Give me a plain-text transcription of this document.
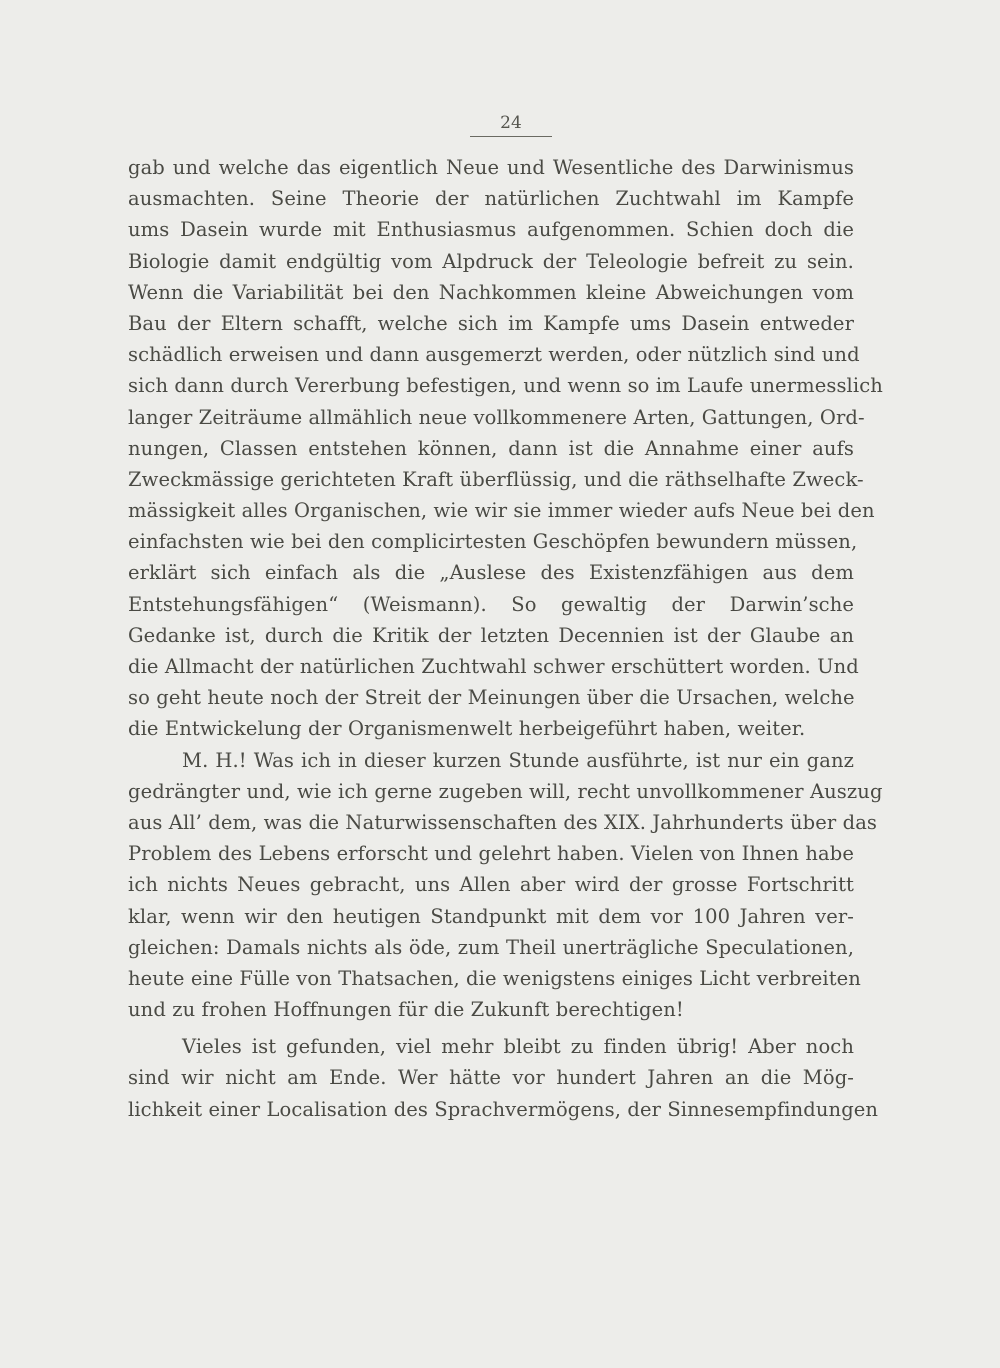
24
gab und welche das eigentlich Neue und Wesentliche des Darwinismus
ausmachten. Seine Theorie der natürlichen Zuchtwahl im Kampfe
ums Dasein wurde mit Enthusiasmus aufgenommen. Schien doch die
Biologie damit endgültig vom Alpdruck der Teleologie befreit zu sein.
Wenn die Variabilität bei den Nachkommen kleine Abweichungen vom
Bau der Eltern schafft, welche sich im Kampfe ums Dasein entweder
schädlich erweisen und dann ausgemerzt werden, oder nützlich sind und
sich dann durch Vererbung befestigen, und wenn so im Laufe unermesslich
langer Zeiträume allmählich neue vollkommenere Arten, Gattungen, Ord-
nungen, Classen entstehen können, dann ist die Annahme einer aufs
Zweckmässige gerichteten Kraft überflüssig, und die räthselhafte Zweck-
mässigkeit alles Organischen, wie wir sie immer wieder aufs Neue bei den
einfachsten wie bei den complicirtesten Geschöpfen bewundern müssen,
erklärt sich einfach als die „Auslese des Existenzfähigen aus dem
Entstehungsfähigen“ (Weismann). So gewaltig der Darwin’sche
Gedanke ist, durch die Kritik der letzten Decennien ist der Glaube an
die Allmacht der natürlichen Zuchtwahl schwer erschüttert worden. Und
so geht heute noch der Streit der Meinungen über die Ursachen, welche
die Entwickelung der Organismenwelt herbeigeführt haben, weiter.
M. H.! Was ich in dieser kurzen Stunde ausführte, ist nur ein ganz
gedrängter und, wie ich gerne zugeben will, recht unvollkommener Auszug
aus All’ dem, was die Naturwissenschaften des XIX. Jahrhunderts über das
Problem des Lebens erforscht und gelehrt haben. Vielen von Ihnen habe
ich nichts Neues gebracht, uns Allen aber wird der grosse Fortschritt
klar, wenn wir den heutigen Standpunkt mit dem vor 100 Jahren ver-
gleichen: Damals nichts als öde, zum Theil unerträgliche Speculationen,
heute eine Fülle von Thatsachen, die wenigstens einiges Licht verbreiten
und zu frohen Hoffnungen für die Zukunft berechtigen!
Vieles ist gefunden, viel mehr bleibt zu finden übrig! Aber noch
sind wir nicht am Ende. Wer hätte vor hundert Jahren an die Mög-
lichkeit einer Localisation des Sprachvermögens, der Sinnesempfindungen
